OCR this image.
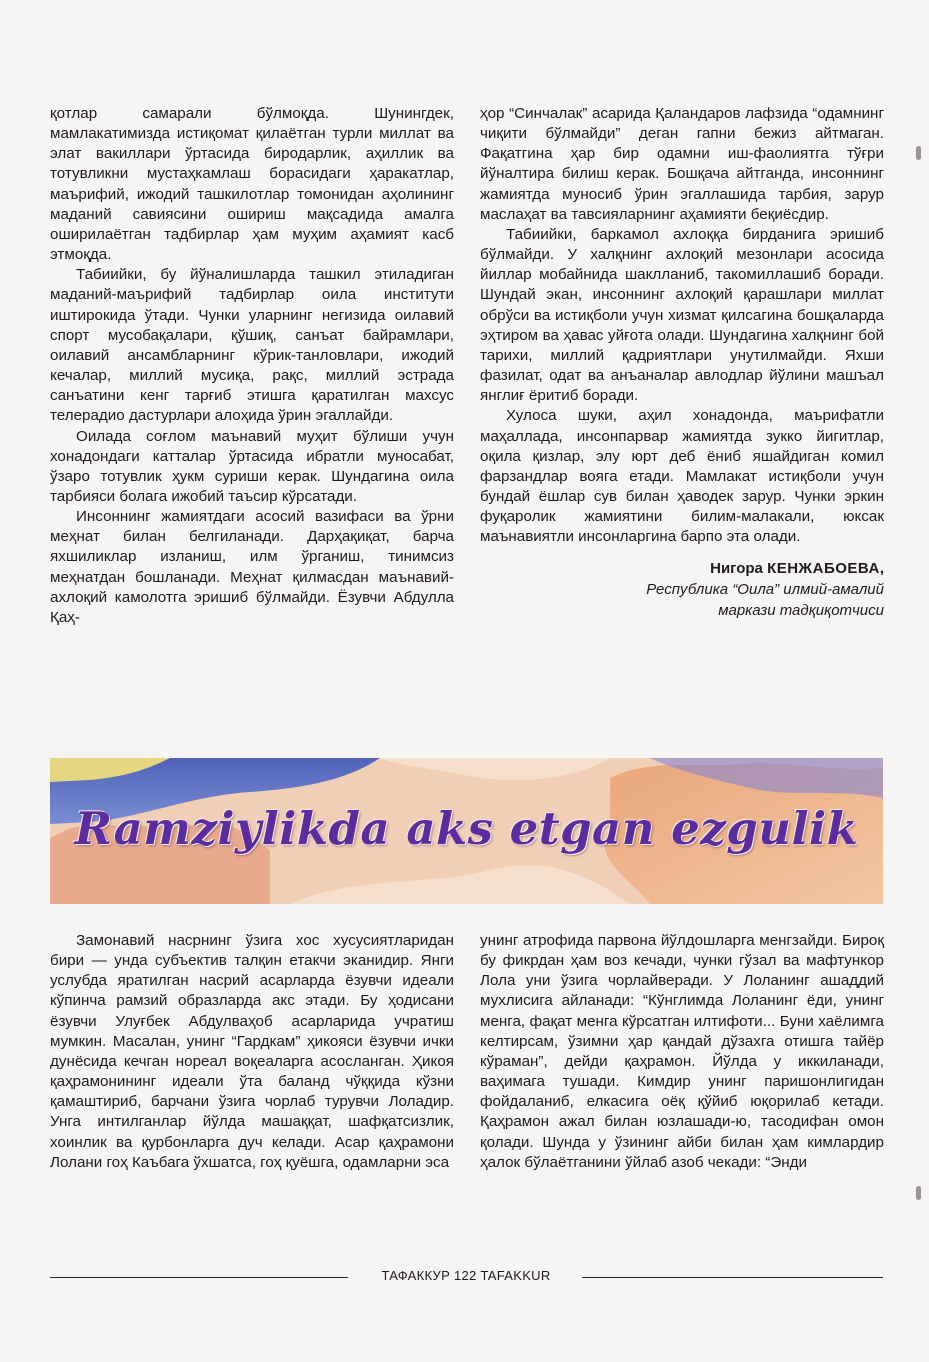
қотлар самарали бўлмоқда. Шунингдек, мамлакатимизда истиқомат қилаётган турли миллат ва элат вакиллари ўртасида биродарлик, аҳиллик ва тотувликни мустаҳкамлаш борасидаги ҳаракатлар, маърифий, ижодий ташкилотлар томонидан аҳолининг маданий савиясини ошириш мақсадида амалга оширилаётган тадбирлар ҳам муҳим аҳамият касб этмоқда.

Табиийки, бу йўналишларда ташкил этиладиган маданий-маърифий тадбирлар оила институти иштирокида ўтади. Чунки уларнинг негизида оилавий спорт мусобақалари, қўшиқ, санъат байрамлари, оилавий ансамбларнинг кўрик-танловлари, ижодий кечалар, миллий мусиқа, рақс, миллий эстрада санъатини кенг тарғиб этишга қаратилган махсус телерадио дастурлари алоҳида ўрин эгаллайди.

Оилада соғлом маънавий муҳит бўлиши учун хонадондаги катталар ўртасида ибратли муносабат, ўзаро тотувлик ҳукм суриши керак. Шундагина оила тарбияси болага ижобий таъсир кўрсатади.

Инсоннинг жамиятдаги асосий вазифаси ва ўрни меҳнат билан белгиланади. Дарҳақиқат, барча яхшиликлар изланиш, илм ўрганиш, тинимсиз меҳнатдан бошланади. Меҳнат қилмасдан маънавий-ахлоқий камолотга эришиб бўлмайди. Ёзувчи Абдулла Қаҳ-

ҳор “Синчалак” асарида Қаландаров лафзида “одамнинг чиқити бўлмайди” деган гапни бежиз айтмаган. Фақатгина ҳар бир одамни иш-фаолиятга тўғри йўналтира билиш керак. Бошқача айтганда, инсоннинг жамиятда муносиб ўрин эгаллашида тарбия, зарур маслаҳат ва тавсияларнинг аҳамияти беқиёсдир.

Табиийки, баркамол ахлоққа бирданига эришиб бўлмайди. У халқнинг ахлоқий мезонлари асосида йиллар мобайнида шаклланиб, такомиллашиб боради. Шундай экан, инсоннинг ахлоқий қарашлари миллат обрўси ва истиқболи учун хизмат қилсагина бошқаларда эҳтиром ва ҳавас уйғота олади. Шундагина халқнинг бой тарихи, миллий қадриятлари унутилмайди. Яхши фазилат, одат ва анъаналар авлодлар йўлини машъал янглиғ ёритиб боради.

Хулоса шуки, аҳил хонадонда, маърифатли маҳаллада, инсонпарвар жамиятда зукко йигитлар, оқила қизлар, элу юрт деб ёниб яшайдиган комил фарзандлар вояга етади. Мамлакат истиқболи учун бундай ёшлар сув билан ҳаводек зарур. Чунки эркин фуқаролик жамиятини билим-малакали, юксак маънавиятли инсонларгина барпо эта олади.

Нигора КЕНЖАБОЕВА,
Республика “Оила” илмий-амалий
маркази тадқиқотчиси
Ramziylikda aks etgan ezgulik

Замонавий насрнинг ўзига хос хусусиятларидан бири — унда субъектив талқин етакчи эканидир. Янги услубда яратилган насрий асарларда ёзувчи идеали кўпинча рамзий образларда акс этади. Бу ҳодисани ёзувчи Улуғбек Абдулваҳоб асарларида учратиш мумкин. Масалан, унинг “Гардкам” ҳикояси ёзувчи ички дунёсида кечган нореал воқеаларга асосланган. Ҳикоя қаҳрамонининг идеали ўта баланд чўққида кўзни қамаштириб, барчани ўзига чорлаб турувчи Лоладир. Унга интилганлар йўлда машаққат, шафқатсизлик, хоинлик ва қурбонларга дуч келади. Асар қаҳрамони Лолани гоҳ Каъбага ўхшатса, гоҳ қуёшга, одамларни эса

унинг атрофида парвона йўлдошларга менгзайди. Бироқ бу фикрдан ҳам воз кечади, чунки гўзал ва мафтункор Лола уни ўзига чорлайверади. У Лоланинг ашаддий мухлисига айланади: “Кўнглимда Лоланинг ёди, унинг менга, фақат менга кўрсатган илтифоти... Буни хаёлимга келтирсам, ўзимни ҳар қандай дўзахга отишга тайёр кўраман”, дейди қаҳрамон. Йўлда у иккиланади, ваҳимага тушади. Кимдир унинг паришонлигидан фойдаланиб, елкасига оёқ қўйиб юқорилаб кетади. Қаҳрамон ажал билан юзлашади-ю, тасодифан омон қолади. Шунда у ўзининг айби билан ҳам кимлардир ҳалок бўлаётганини ўйлаб азоб чекади: “Энди

ТАФАККУР 122 TAFAKKUR
